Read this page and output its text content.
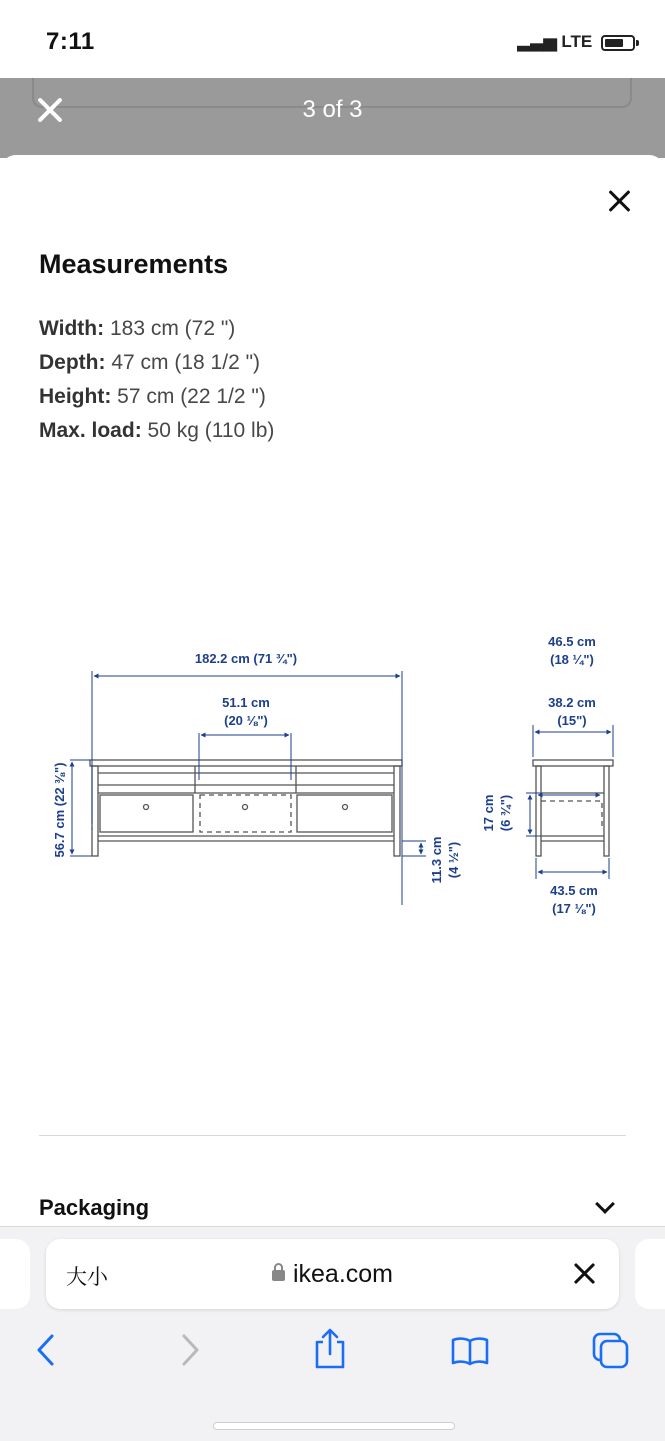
7:11	▂▃▅ LTE
3 of 3
Measurements
Width: 183 cm (72 ")
Depth: 47 cm (18 1/2 ")
Height: 57 cm (22 1/2 ")
Max. load: 50 kg (110 lb)
182.2 cm (71 ¾")
51.1 cm
(20 ⅛")
56.7 cm (22 ⅜")
11.3 cm (4 ½")
46.5 cm
(18 ¼")
38.2 cm
(15")
17 cm (6 ¾")
43.5 cm
(17 ⅛")
Packaging
大小	ikea.com
